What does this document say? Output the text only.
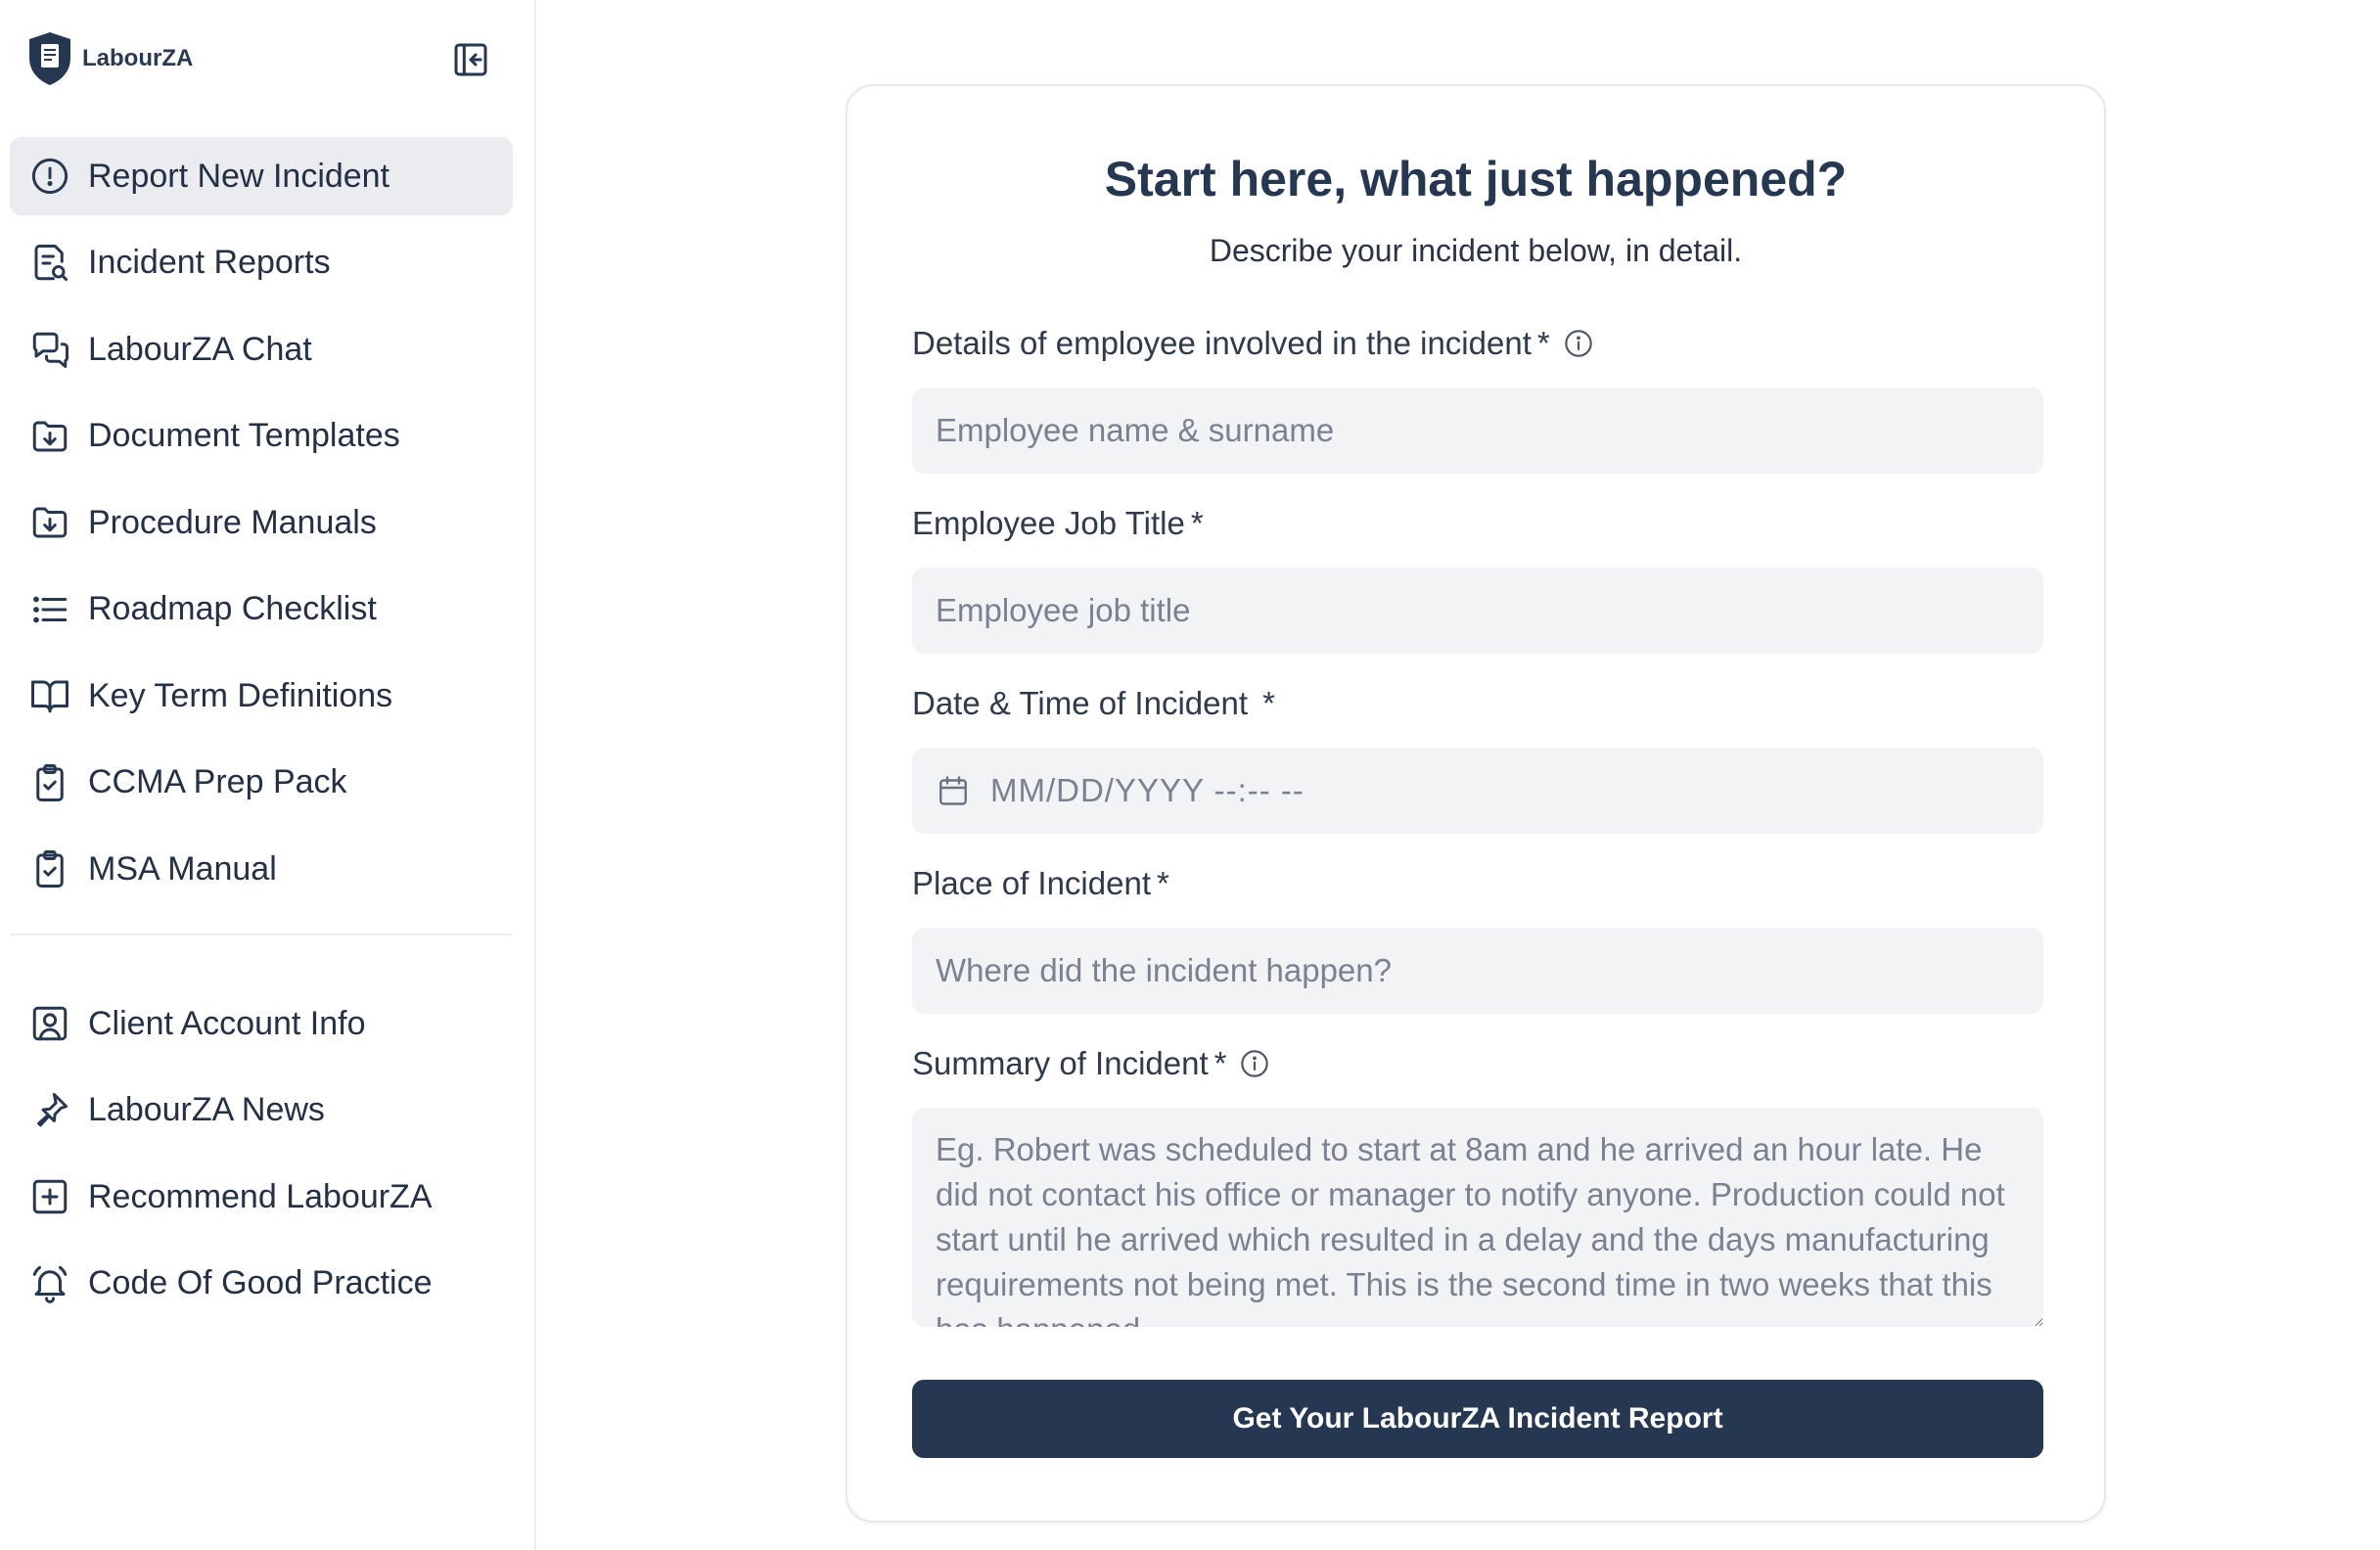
LabourZA
Report New Incident
Incident Reports
LabourZA Chat
Document Templates
Procedure Manuals
Roadmap Checklist
Key Term Definitions
CCMA Prep Pack
MSA Manual
Client Account Info
LabourZA News
Recommend LabourZA
Code Of Good Practice
Start here, what just happened?

Describe your incident below, in detail.

Details of employee involved in the incident *
Employee name & surname
Employee Job Title *
Employee job title
Date & Time of Incident *
MM/DD/YYYY --:-- --
Place of Incident *
Where did the incident happen?
Summary of Incident *
Eg. Robert was scheduled to start at 8am and he arrived an hour late. He did not contact his office or manager to notify anyone. Production could not start until he arrived which resulted in a delay and the days manufacturing requirements not being met. This is the second time in two weeks that this has happened.
Get Your LabourZA Incident Report
